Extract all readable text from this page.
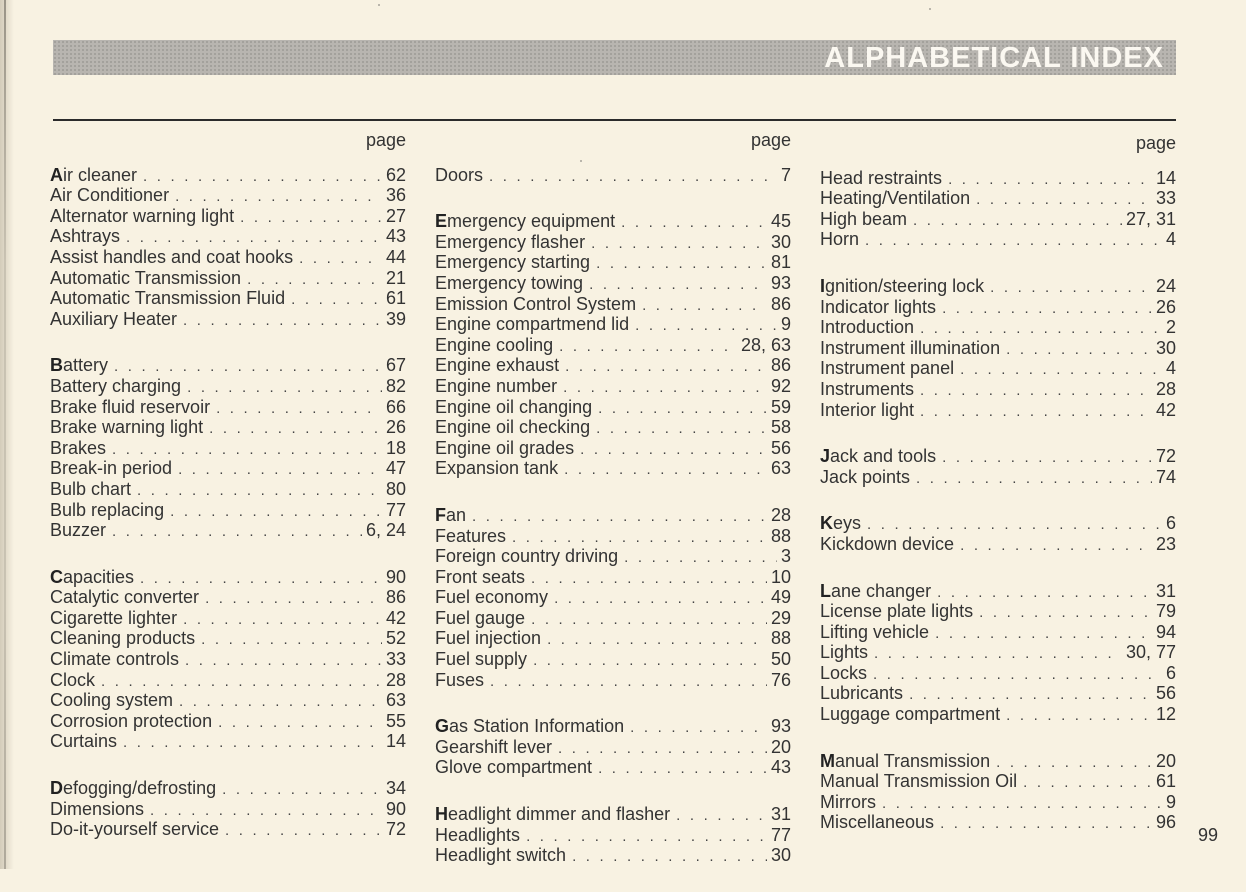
ALPHABETICAL INDEX
page
Air cleaner . . .	62
Air Conditioner . . .	36
Alternator warning light . . .	27
Ashtrays . . .	43
Assist handles and coat hooks . . .	44
Automatic Transmission . . .	21
Automatic Transmission Fluid . . .	61
Auxiliary Heater . . .	39
Battery . . .	67
Battery charging . . .	82
Brake fluid reservoir . . .	66
Brake warning light . . .	26
Brakes . . .	18
Break-in period . . .	47
Bulb chart . . .	80
Bulb replacing . . .	77
Buzzer . . .	6, 24
Capacities . . .	90
Catalytic converter . . .	86
Cigarette lighter . . .	42
Cleaning products . . .	52
Climate controls . . .	33
Clock . . .	28
Cooling system . . .	63
Corrosion protection . . .	55
Curtains . . .	14
Defogging/defrosting . . .	34
Dimensions . . .	90
Do-it-yourself service . . .	72
page
Doors . . .	7
Emergency equipment . . .	45
Emergency flasher . . .	30
Emergency starting . . .	81
Emergency towing . . .	93
Emission Control System . . .	86
Engine compartmend lid . . .	9
Engine cooling . . .	28, 63
Engine exhaust . . .	86
Engine number . . .	92
Engine oil changing . . .	59
Engine oil checking . . .	58
Engine oil grades . . .	56
Expansion tank . . .	63
Fan . . .	28
Features . . .	88
Foreign country driving . . .	3
Front seats . . .	10
Fuel economy . . .	49
Fuel gauge . . .	29
Fuel injection . . .	88
Fuel supply . . .	50
Fuses . . .	76
Gas Station Information . . .	93
Gearshift lever . . .	20
Glove compartment . . .	43
Headlight dimmer and flasher . . .	31
Headlights . . .	77
Headlight switch . . .	30
page
Head restraints . . .	14
Heating/Ventilation . . .	33
High beam . . .	27, 31
Horn . . .	4
Ignition/steering lock . . .	24
Indicator lights . . .	26
Introduction . . .	2
Instrument illumination . . .	30
Instrument panel . . .	4
Instruments . . .	28
Interior light . . .	42
Jack and tools . . .	72
Jack points . . .	74
Keys . . .	6
Kickdown device . . .	23
Lane changer . . .	31
License plate lights . . .	79
Lifting vehicle . . .	94
Lights . . .	30, 77
Locks . . .	6
Lubricants . . .	56
Luggage compartment . . .	12
Manual Transmission . . .	20
Manual Transmission Oil . . .	61
Mirrors . . .	9
Miscellaneous . . .	96
99
